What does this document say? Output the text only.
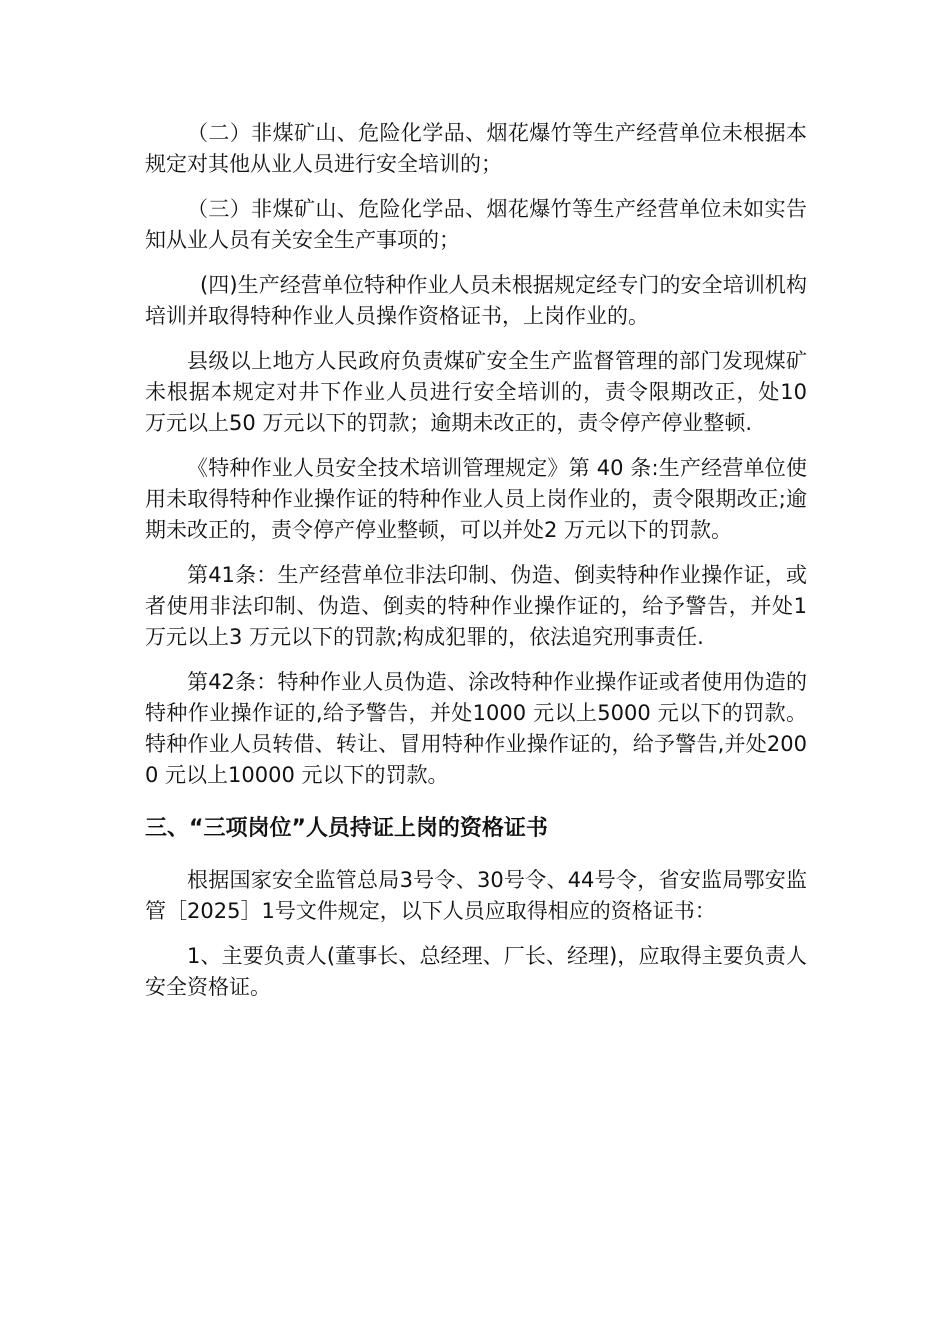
（二）非煤矿山、危险化学品、烟花爆竹等生产经营单位未根据本规定对其他从业人员进行安全培训的；

（三）非煤矿山、危险化学品、烟花爆竹等生产经营单位未如实告知从业人员有关安全生产事项的；

(四)生产经营单位特种作业人员未根据规定经专门的安全培训机构培训并取得特种作业人员操作资格证书，上岗作业的。

县级以上地方人民政府负责煤矿安全生产监督管理的部门发现煤矿未根据本规定对井下作业人员进行安全培训的，责令限期改正，处10 万元以上50 万元以下的罚款；逾期未改正的，责令停产停业整顿.

《特种作业人员安全技术培训管理规定》第 40 条:生产经营单位使用未取得特种作业操作证的特种作业人员上岗作业的，责令限期改正;逾期未改正的，责令停产停业整顿，可以并处2 万元以下的罚款。

第41条：生产经营单位非法印制、伪造、倒卖特种作业操作证，或者使用非法印制、伪造、倒卖的特种作业操作证的，给予警告，并处1 万元以上3 万元以下的罚款;构成犯罪的，依法追究刑事责任.

第42条：特种作业人员伪造、涂改特种作业操作证或者使用伪造的特种作业操作证的,给予警告，并处1000 元以上5000 元以下的罚款。特种作业人员转借、转让、冒用特种作业操作证的，给予警告,并处2000 元以上10000 元以下的罚款。

三、“三项岗位”人员持证上岗的资格证书

根据国家安全监管总局3号令、30号令、44号令，省安监局鄂安监管［2025］1号文件规定，以下人员应取得相应的资格证书：

1、主要负责人(董事长、总经理、厂长、经理)，应取得主要负责人安全资格证。
